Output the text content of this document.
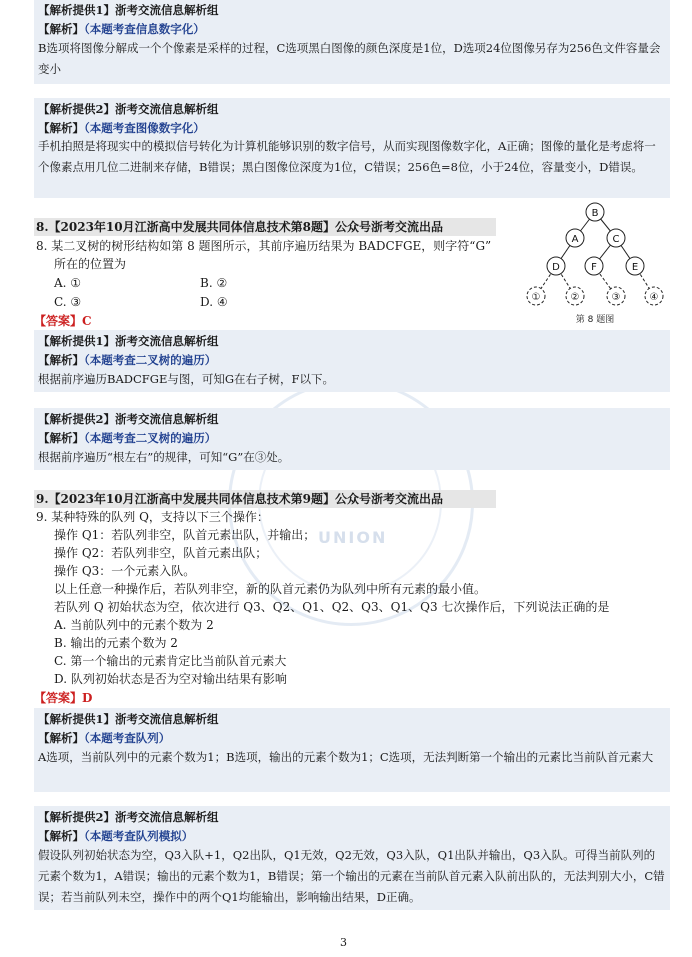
UNION
【解析提供1】浙考交流信息解析组
【解析】（本题考查信息数字化）
B选项将图像分解成一个个像素是采样的过程，C选项黑白图像的颜色深度是1位，D选项24位图像另存为256色文件容量会变小
【解析提供2】浙考交流信息解析组
【解析】（本题考查图像数字化）
手机拍照是将现实中的模拟信号转化为计算机能够识别的数字信号，从而实现图像数字化，A正确；图像的量化是考虑将一个像素点用几位二进制来存储，B错误；黑白图像位深度为1位，C错误；256色=8位，小于24位，容量变小，D错误。
8.【2023年10月江浙高中发展共同体信息技术第8题】公众号浙考交流出品
8. 某二叉树的树形结构如第 8 题图所示，其前序遍历结果为 BADCFGE，则字符“G”
所在的位置为
A. ①	B. ②
C. ③	D. ④
【答案】C
B
A	C
D	F	E
①	②	③	④
第 8 题图
【解析提供1】浙考交流信息解析组
【解析】（本题考查二叉树的遍历）
根据前序遍历BADCFGE与图，可知G在右子树，F以下。
【解析提供2】浙考交流信息解析组
【解析】（本题考查二叉树的遍历）
根据前序遍历“根左右”的规律，可知“G”在③处。
9.【2023年10月江浙高中发展共同体信息技术第9题】公众号浙考交流出品
9. 某种特殊的队列 Q，支持以下三个操作：
操作 Q1：若队列非空，队首元素出队，并输出；
操作 Q2：若队列非空，队首元素出队；
操作 Q3：一个元素入队。
以上任意一种操作后，若队列非空，新的队首元素仍为队列中所有元素的最小值。
若队列 Q 初始状态为空，依次进行 Q3、Q2、Q1、Q2、Q3、Q1、Q3 七次操作后，下列说法正确的是
A. 当前队列中的元素个数为 2
B. 输出的元素个数为 2
C. 第一个输出的元素肯定比当前队首元素大
D. 队列初始状态是否为空对输出结果有影响
【答案】D
【解析提供1】浙考交流信息解析组
【解析】（本题考查队列）
A选项，当前队列中的元素个数为1；B选项，输出的元素个数为1；C选项，无法判断第一个输出的元素比当前队首元素大
【解析提供2】浙考交流信息解析组
【解析】（本题考查队列模拟）
假设队列初始状态为空，Q3入队+1，Q2出队，Q1无效，Q2无效，Q3入队，Q1出队并输出，Q3入队。可得当前队列的元素个数为1，A错误；输出的元素个数为1，B错误；第一个输出的元素在当前队首元素入队前出队的，无法判别大小，C错误；若当前队列未空，操作中的两个Q1均能输出，影响输出结果，D正确。
3
